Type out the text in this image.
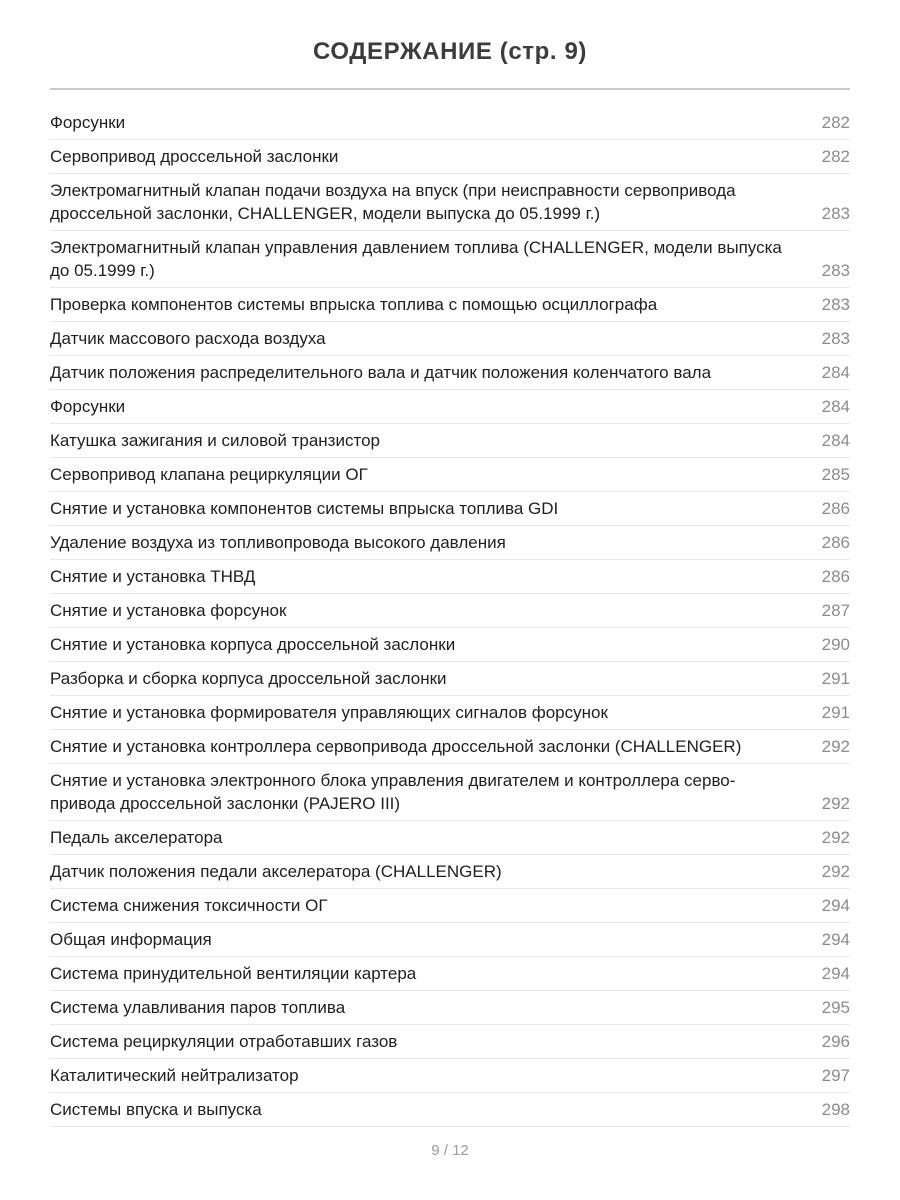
СОДЕРЖАНИЕ (стр. 9)
Форсунки	282
Сервопривод дроссельной заслонки	282
Электромагнитный клапан подачи воздуха на впуск (при неисправности сервопривода дроссельной заслонки, CHALLENGER, модели выпуска до 05.1999 г.)	283
Электромагнитный клапан управления давлением топлива (CHALLENGER, модели выпуска до 05.1999 г.)	283
Проверка компонентов системы впрыска топлива с помощью осциллографа	283
Датчик массового расхода воздуха	283
Датчик положения распределительного вала и датчик положения коленчатого вала	284
Форсунки	284
Катушка зажигания и силовой транзистор	284
Сервопривод клапана рециркуляции ОГ	285
Снятие и установка компонентов системы впрыска топлива GDI	286
Удаление воздуха из топливопровода высокого давления	286
Снятие и установка ТНВД	286
Снятие и установка форсунок	287
Снятие и установка корпуса дроссельной заслонки	290
Разборка и сборка корпуса дроссельной заслонки	291
Снятие и установка формирователя управляющих сигналов форсунок	291
Снятие и установка контроллера сервопривода дроссельной заслонки (CHALLENGER)	292
Снятие и установка электронного блока управления двигателем и контроллера серво-привода дроссельной заслонки (PAJERO III)	292
Педаль акселератора	292
Датчик положения педали акселератора (CHALLENGER)	292
Система снижения токсичности ОГ	294
Общая информация	294
Система принудительной вентиляции картера	294
Система улавливания паров топлива	295
Система рециркуляции отработавших газов	296
Каталитический нейтрализатор	297
Системы впуска и выпуска	298
9 / 12
